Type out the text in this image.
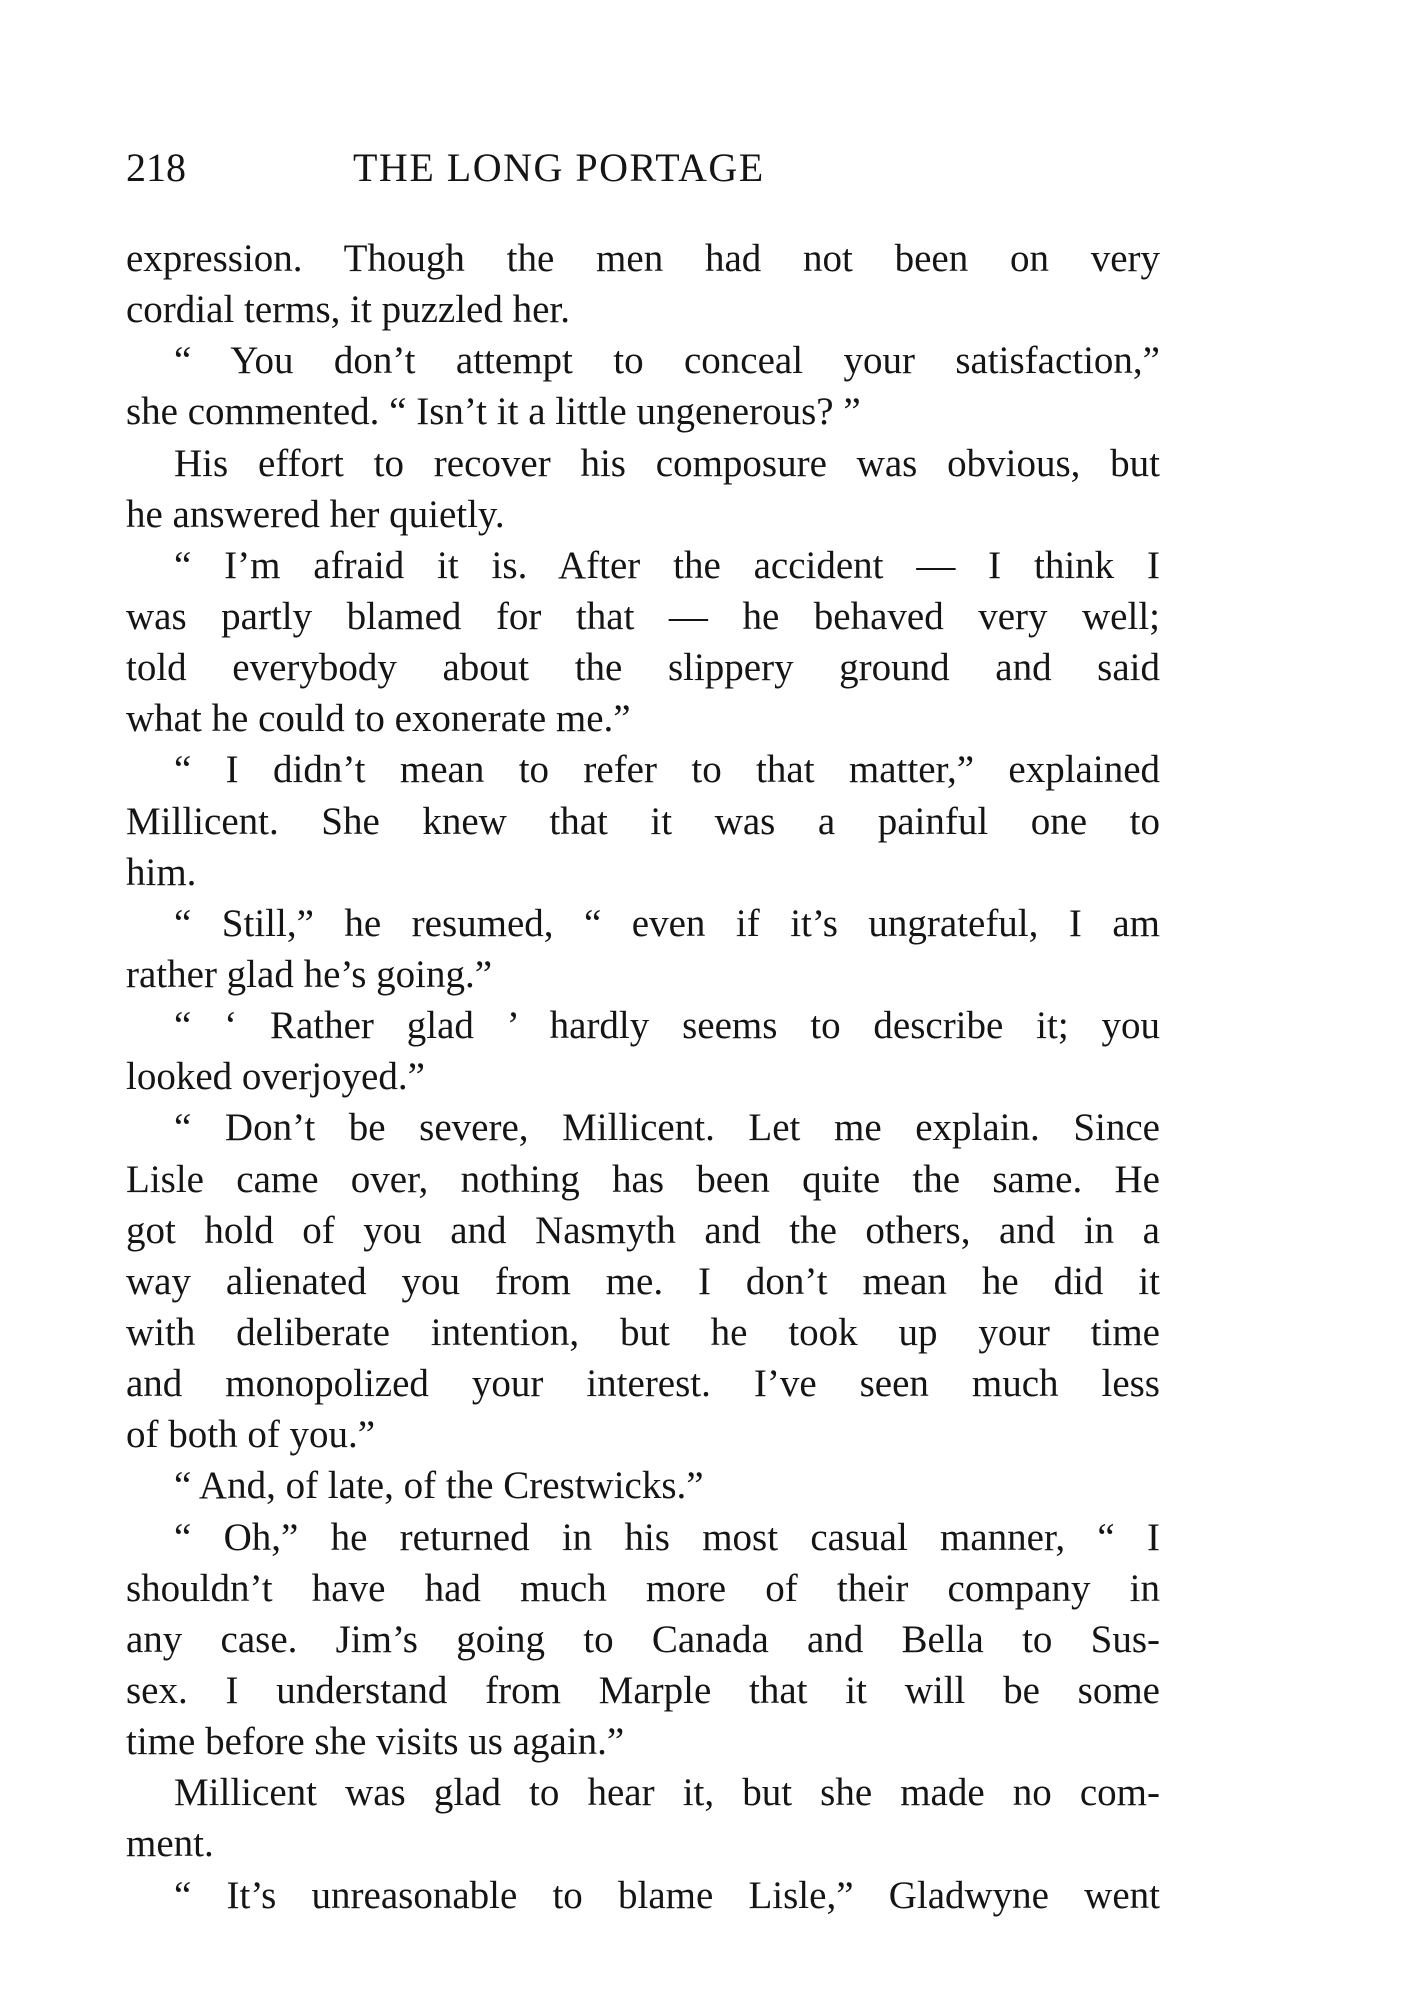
218	THE LONG PORTAGE
expression. Though the men had not been on very
cordial terms, it puzzled her.
“ You don’t attempt to conceal your satisfaction,”
she commented. “ Isn’t it a little ungenerous? ”
His effort to recover his composure was obvious, but
he answered her quietly.
“ I’m afraid it is. After the accident — I think I
was partly blamed for that — he behaved very well;
told everybody about the slippery ground and said
what he could to exonerate me.”
“ I didn’t mean to refer to that matter,” explained
Millicent. She knew that it was a painful one to
him.
“ Still,” he resumed, “ even if it’s ungrateful, I am
rather glad he’s going.”
“ ‘ Rather glad ’ hardly seems to describe it; you
looked overjoyed.”
“ Don’t be severe, Millicent. Let me explain. Since
Lisle came over, nothing has been quite the same. He
got hold of you and Nasmyth and the others, and in a
way alienated you from me. I don’t mean he did it
with deliberate intention, but he took up your time
and monopolized your interest. I’ve seen much less
of both of you.”
“ And, of late, of the Crestwicks.”
“ Oh,” he returned in his most casual manner, “ I
shouldn’t have had much more of their company in
any case. Jim’s going to Canada and Bella to Sus-
sex. I understand from Marple that it will be some
time before she visits us again.”
Millicent was glad to hear it, but she made no com-
ment.
“ It’s unreasonable to blame Lisle,” Gladwyne went
